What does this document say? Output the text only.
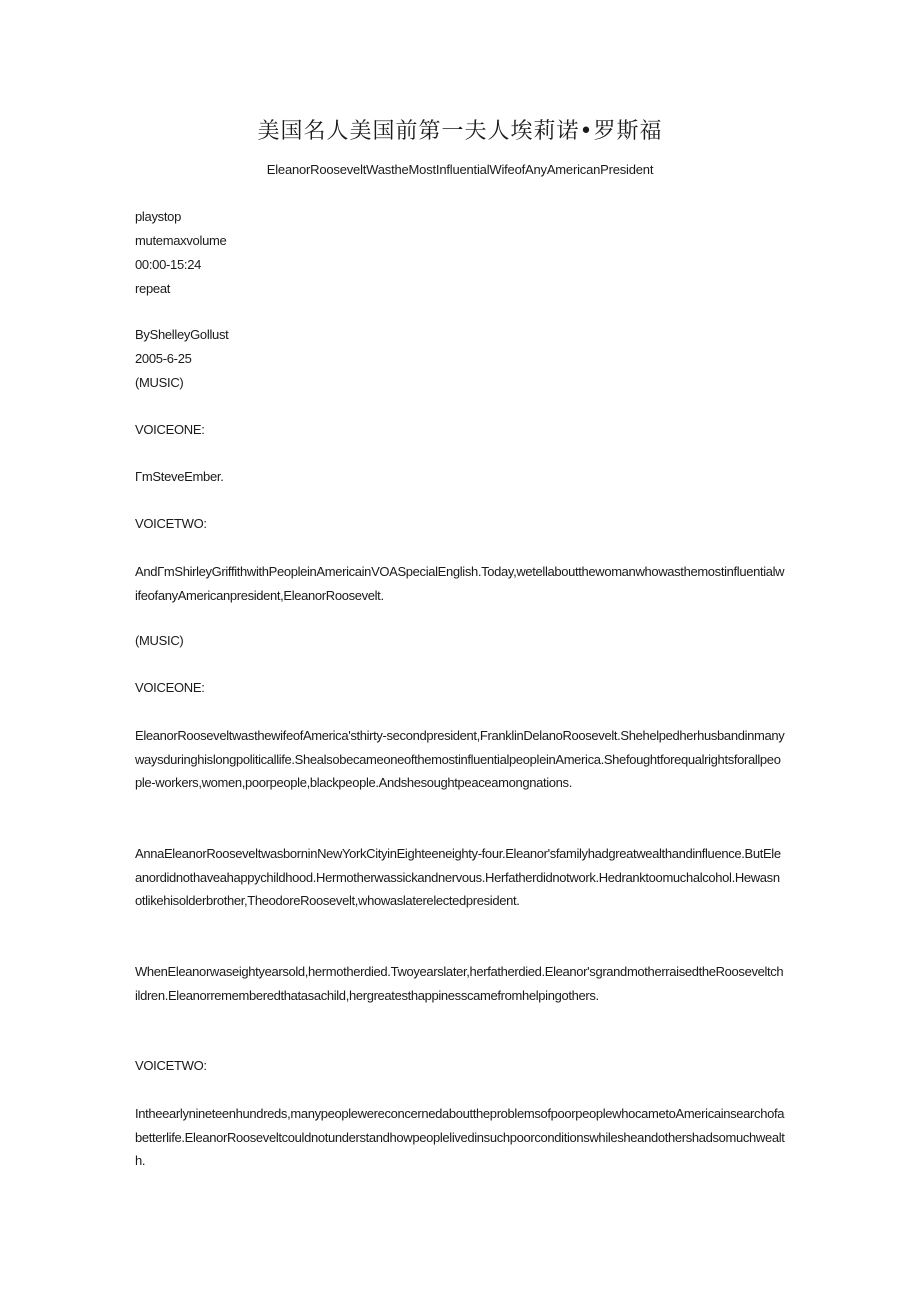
美国名人美国前第一夫人埃莉诺•罗斯福
EleanorRooseveltWastheMostInfluentialWifeofAnyAmericanPresident
playstop
mutemaxvolume
00:00-15:24
repeat
ByShelleyGollust
2005-6-25
(MUSIC)
VOICEONE:
ΓmSteveEmber.
VOICETWO:
AndΓmShirleyGriffithwithPeopleinAmericainVOASpecialEnglish.Today,wetellaboutthewomanwhowasthemostinfluentialwifeofanyAmericanpresident,EleanorRoosevelt.
(MUSIC)
VOICEONE:
EleanorRooseveltwasthewifeofAmerica'sthirty-secondpresident,FranklinDelanoRoosevelt.Shehelpedherhusbandinmanywaysduringhislongpoliticallife.ShealsobecameoneofthemostinfluentialpeopleinAmerica.Shefoughtforequalrightsforallpeople-workers,women,poorpeople,blackpeople.Andshesoughtpeaceamongnations.
AnnaEleanorRooseveltwasborninNewYorkCityinEighteeneighty-four.Eleanor'sfamilyhadgreatwealthandinfluence.ButEleanordidnothaveahappychildhood.Hermotherwassickandnervous.Herfatherdidnotwork.Hedranktoomuchalcohol.Hewasnotlikehisolderbrother,TheodoreRoosevelt,whowaslaterelectedpresident.
WhenEleanorwaseightyearsold,hermotherdied.Twoyearslater,herfatherdied.Eleanor'sgrandmotherraisedtheRooseveltchildren.Eleanorrememberedthatasachild,hergreatesthappinesscamefromhelpingothers.
VOICETWO:
Intheearlynineteenhundreds,manypeoplewereconcernedabouttheproblemsofpoorpeoplewhocametoAmericainsearchofabetterlife.EleanorRooseveltcouldnotunderstandhowpeoplelivedinsuchpoorconditionswhilesheandothershadsomuchwealth.
